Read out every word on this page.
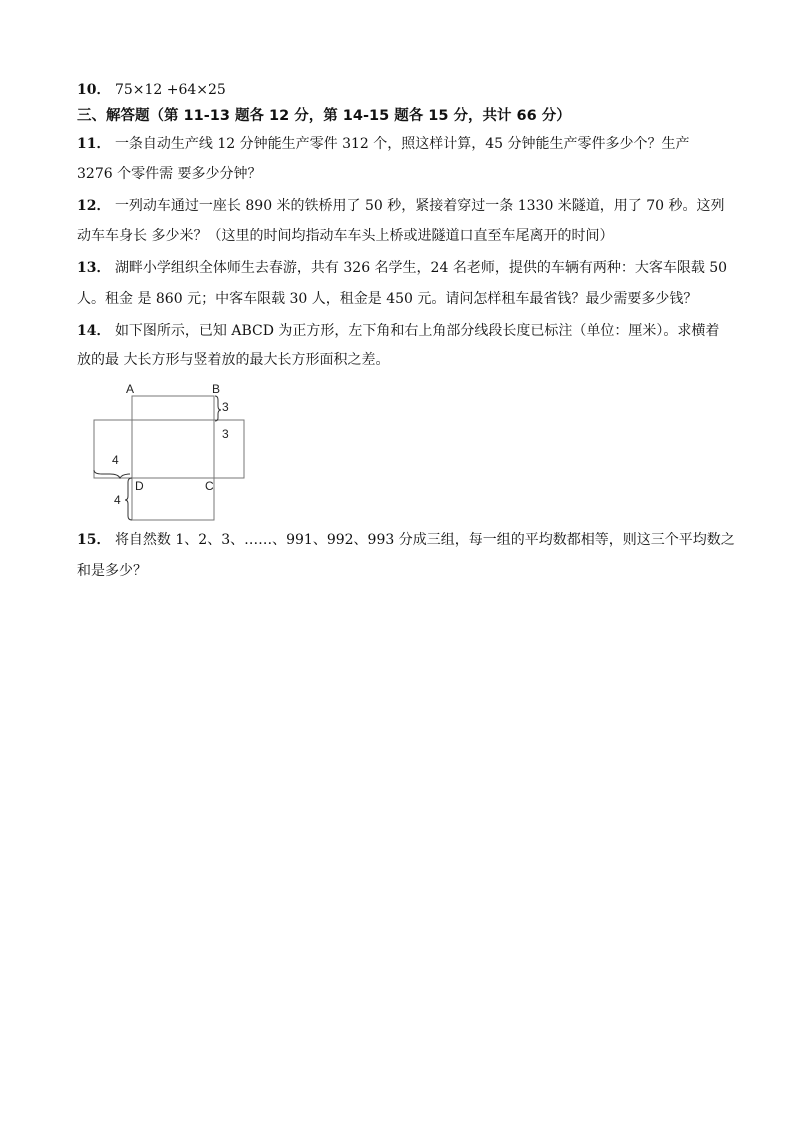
10． 75×12 +64×25
三、解答题（第 11-13 题各 12 分，第 14-15 题各 15 分，共计 66 分）
11． 一条自动生产线 12 分钟能生产零件 312 个，照这样计算，45 分钟能生产零件多少个？生产
3276 个零件需 要多少分钟？
12． 一列动车通过一座长 890 米的铁桥用了 50 秒，紧接着穿过一条 1330 米隧道，用了 70 秒。这列
动车车身长 多少米？（这里的时间均指动车车头上桥或进隧道口直至车尾离开的时间）
13． 湖畔小学组织全体师生去春游，共有 326 名学生，24 名老师，提供的车辆有两种：大客车限载 50
人。租金 是 860 元；中客车限载 30 人，租金是 450 元。请问怎样租车最省钱？最少需要多少钱？
14． 如下图所示，已知 ABCD 为正方形，左下角和右上角部分线段长度已标注（单位：厘米）。求横着
放的最 大长方形与竖着放的最大长方形面积之差。
A	B
C
D
3
3
4
4
15． 将自然数 1、2、3、……、991、992、993 分成三组，每一组的平均数都相等，则这三个平均数之
和是多少？
